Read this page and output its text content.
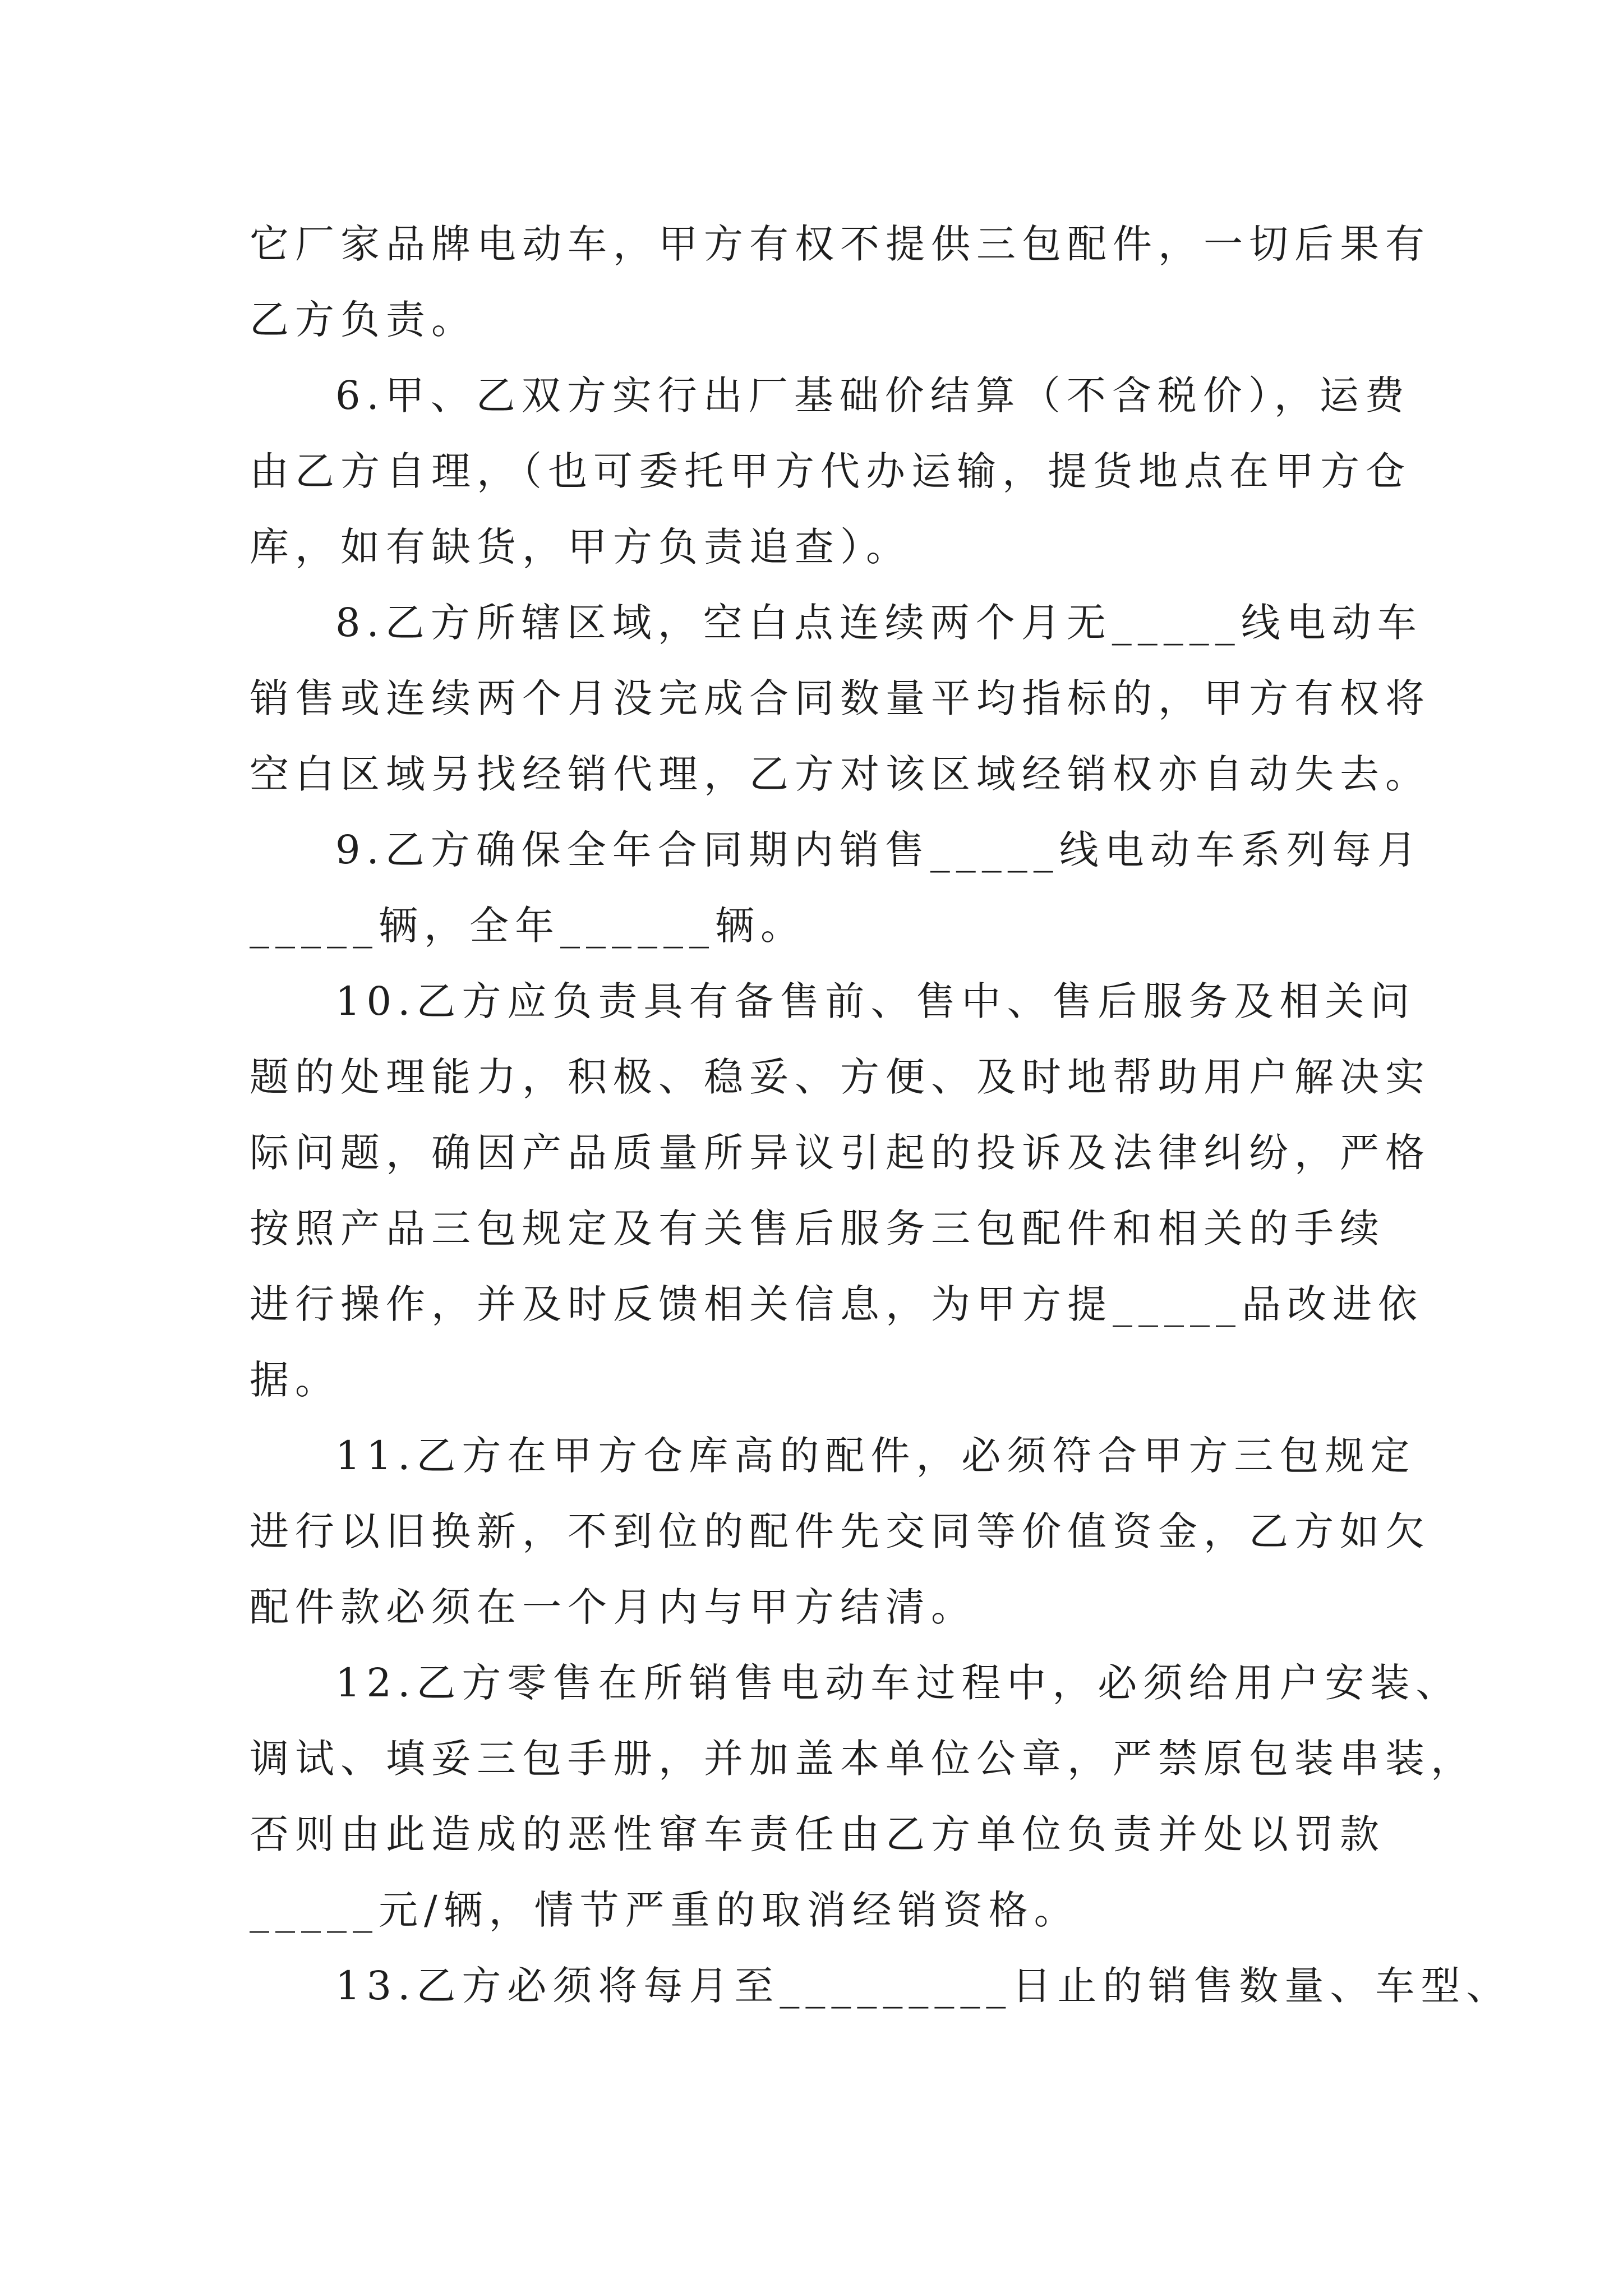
它厂家品牌电动车，甲方有权不提供三包配件，一切后果有
乙方负责。
6.甲、乙双方实行出厂基础价结算（不含税价），运费
由乙方自理，（也可委托甲方代办运输，提货地点在甲方仓
库，如有缺货，甲方负责追查）。
8.乙方所辖区域，空白点连续两个月无_____线电动车
销售或连续两个月没完成合同数量平均指标的，甲方有权将
空白区域另找经销代理，乙方对该区域经销权亦自动失去。
9.乙方确保全年合同期内销售_____线电动车系列每月
_____辆，全年______辆。
10.乙方应负责具有备售前、售中、售后服务及相关问
题的处理能力，积极、稳妥、方便、及时地帮助用户解决实
际问题，确因产品质量所异议引起的投诉及法律纠纷，严格
按照产品三包规定及有关售后服务三包配件和相关的手续
进行操作，并及时反馈相关信息，为甲方提_____品改进依
据。
11.乙方在甲方仓库高的配件，必须符合甲方三包规定
进行以旧换新，不到位的配件先交同等价值资金，乙方如欠
配件款必须在一个月内与甲方结清。
12.乙方零售在所销售电动车过程中，必须给用户安装、
调试、填妥三包手册，并加盖本单位公章，严禁原包装串装，
否则由此造成的恶性窜车责任由乙方单位负责并处以罚款
_____元/辆，情节严重的取消经销资格。
13.乙方必须将每月至_________日止的销售数量、车型、
